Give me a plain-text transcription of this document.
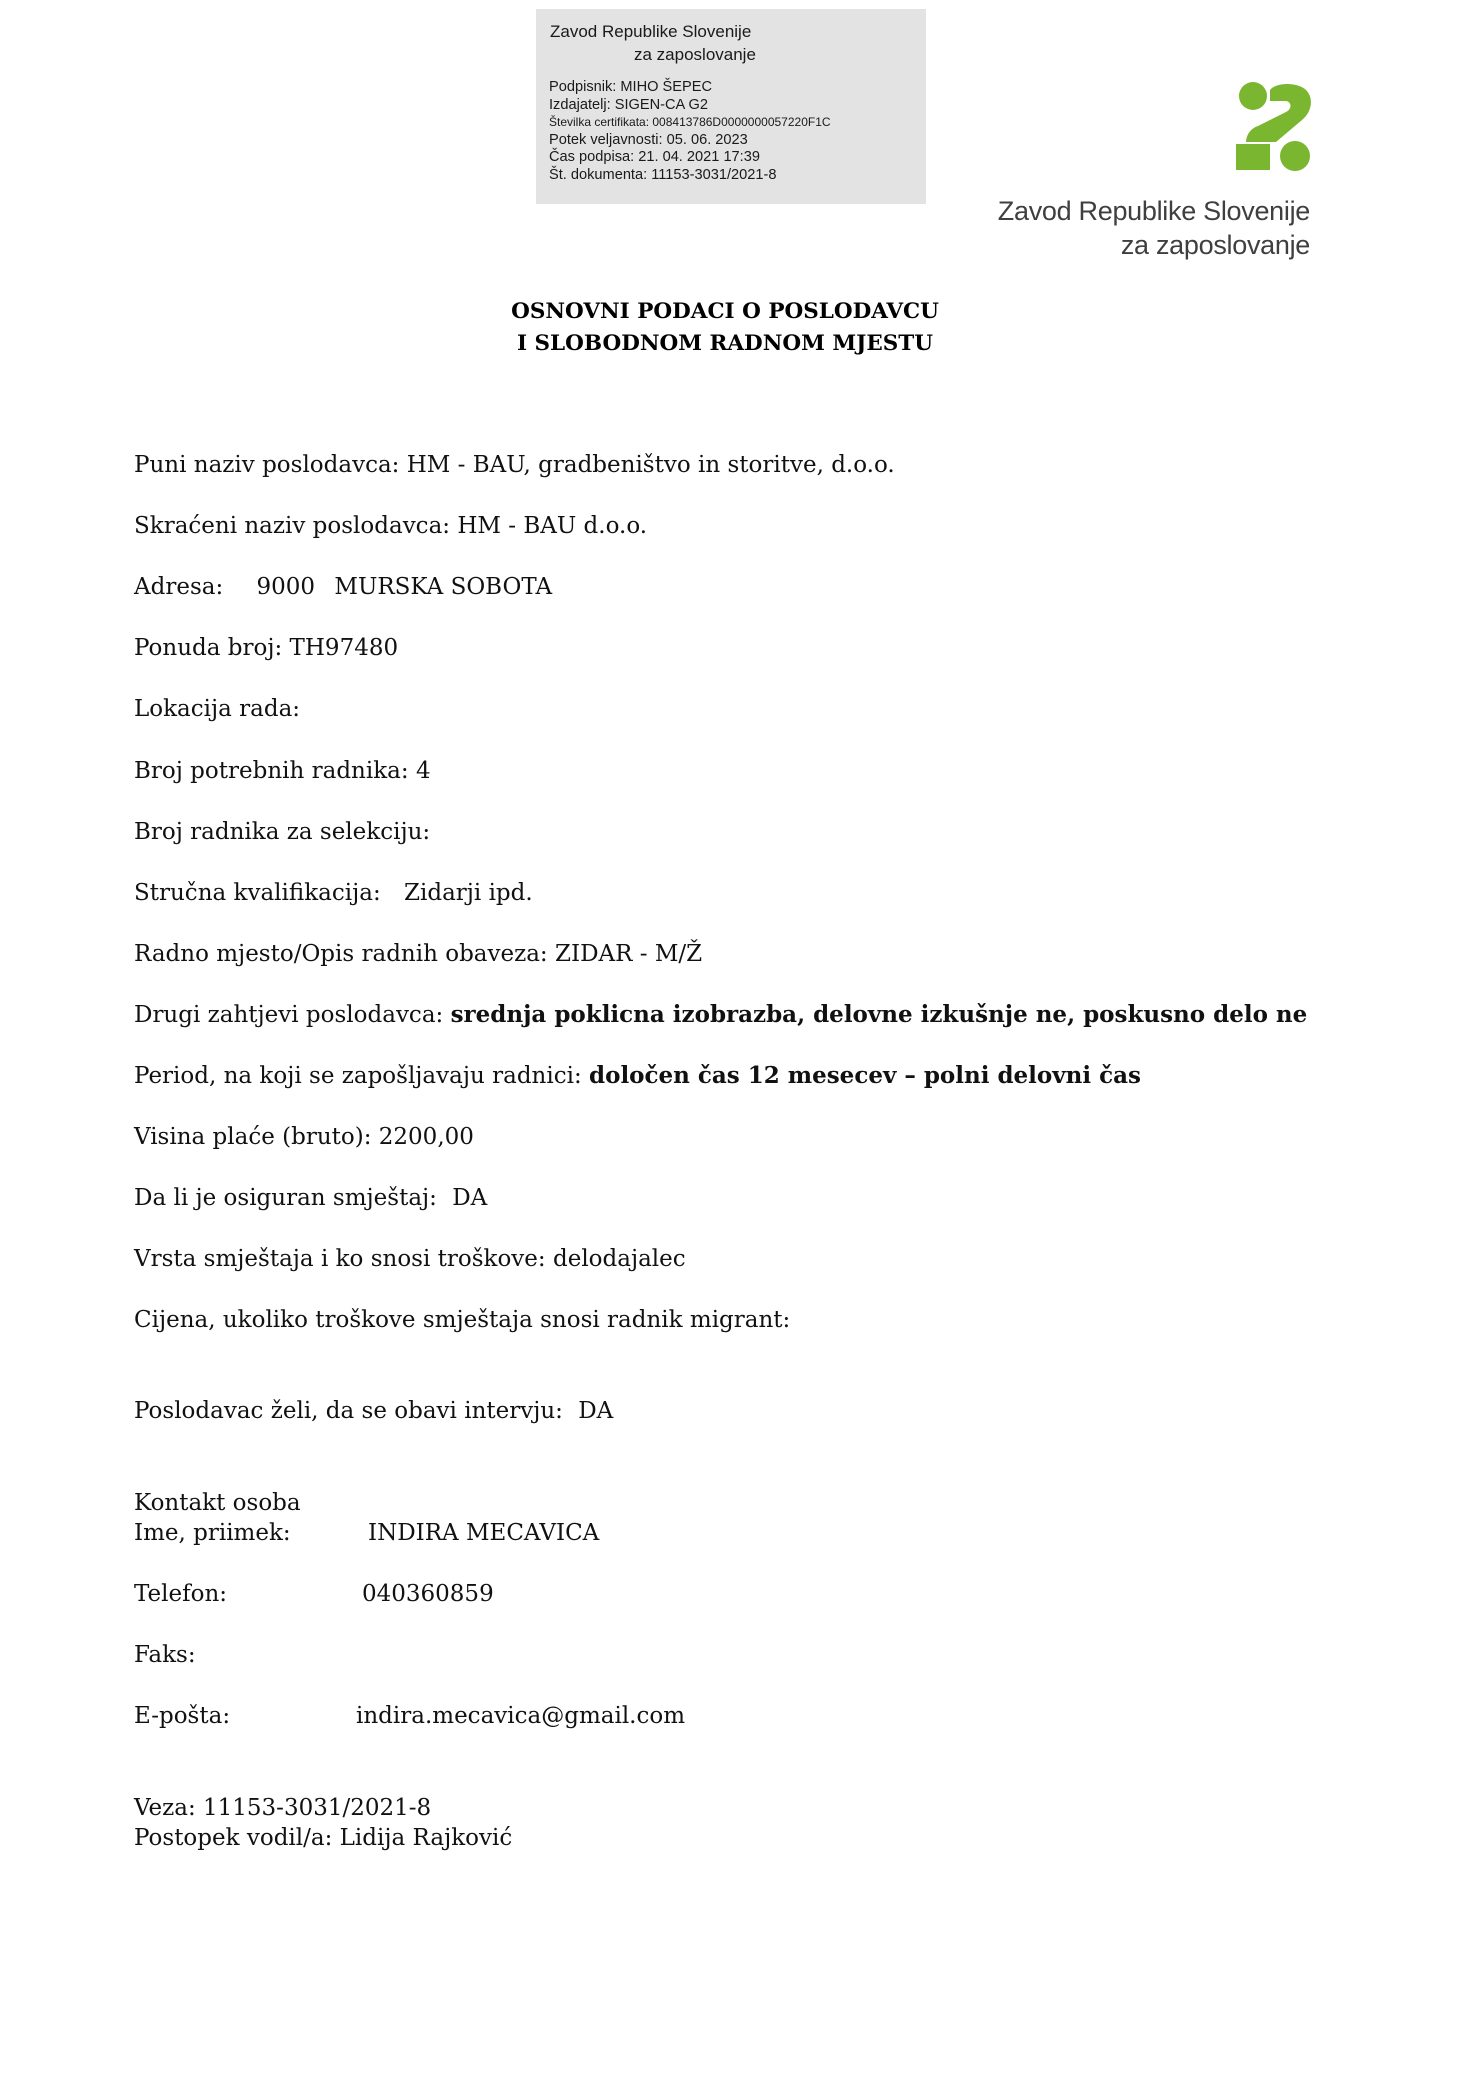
Zavod Republike Slovenije
za zaposlovanje
Podpisnik: MIHO ŠEPEC
Izdajatelj: SIGEN-CA G2
Številka certifikata: 008413786D0000000057220F1C
Potek veljavnosti: 05. 06. 2023
Čas podpisa: 21. 04. 2021 17:39
Št. dokumenta: 11153-3031/2021-8
Zavod Republike Slovenije
za zaposlovanje
OSNOVNI PODACI O POSLODAVCU
I SLOBODNOM RADNOM MJESTU
Puni naziv poslodavca: HM - BAU, gradbeništvo in storitve, d.o.o.
Skraćeni naziv poslodavca: HM - BAU d.o.o.
Adresa: 9000 MURSKA SOBOTA
Ponuda broj: TH97480
Lokacija rada:
Broj potrebnih radnika: 4
Broj radnika za selekciju:
Stručna kvalifikacija: Zidarji ipd.
Radno mjesto/Opis radnih obaveza: ZIDAR - M/Ž
Drugi zahtjevi poslodavca: srednja poklicna izobrazba, delovne izkušnje ne, poskusno delo ne
Period, na koji se zapošljavaju radnici: določen čas 12 mesecev – polni delovni čas
Visina plaće (bruto): 2200,00
Da li je osiguran smještaj: DA
Vrsta smještaja i ko snosi troškove: delodajalec
Cijena, ukoliko troškove smještaja snosi radnik migrant:
Poslodavac želi, da se obavi intervju: DA
Kontakt osoba
Ime, priimek:	INDIRA MECAVICA
Telefon:	040360859
Faks:
E-pošta:	indira.mecavica@gmail.com
Veza: 11153-3031/2021-8
Postopek vodil/a: Lidija Rajković
